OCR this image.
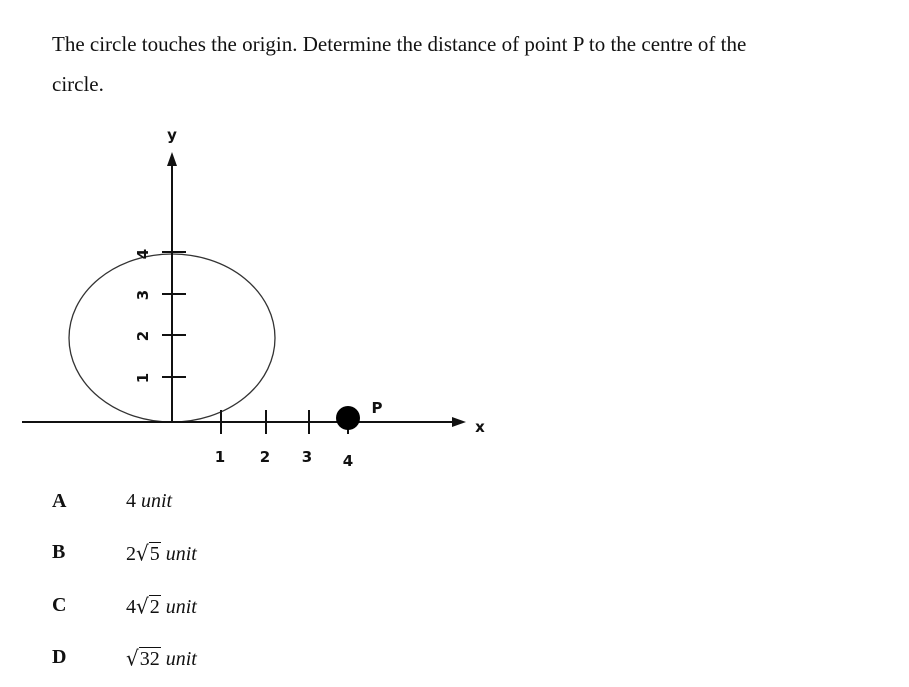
The circle touches the origin. Determine the distance of point P to the centre of the
circle.
y
x
1
2
3
4
1 2 3 4
P
A	4 unit
B	2√5 unit
C	4√2 unit
D	√32 unit
